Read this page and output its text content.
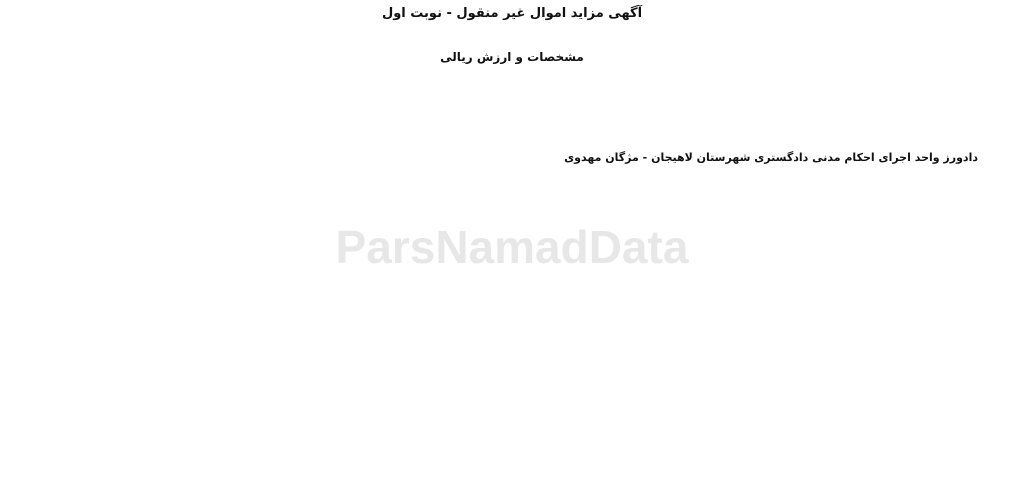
آگهی مزاید اموال غیر منقول - نوبت اول

مشخصات و ارزش ریالی

دادورز واحد اجرای احکام مدنی دادگستری شهرستان لاهیجان - مژگان مهدوی
ParsNamadData
